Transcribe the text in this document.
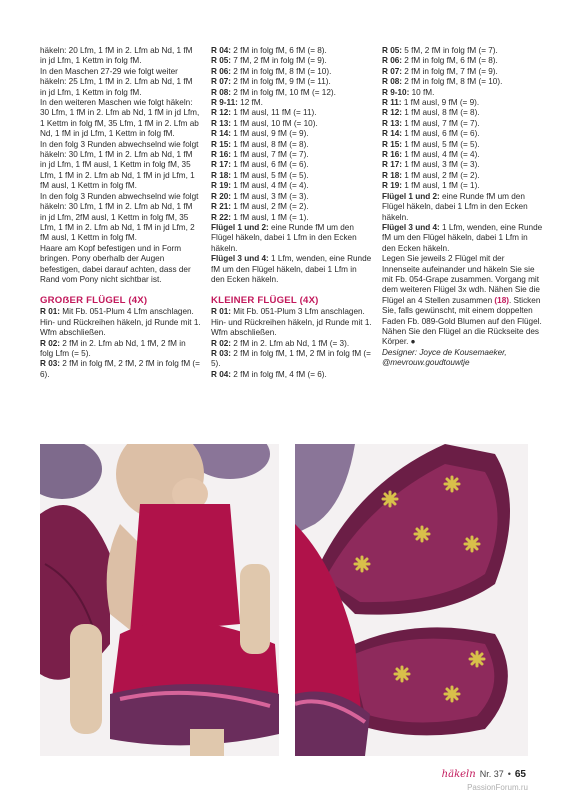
häkeln: 20 Lfm, 1 fM in 2. Lfm ab Nd, 1 fM in jd Lfm, 1 Kettm in folg fM.

In den Maschen 27-29 wie folgt weiter häkeln: 25 Lfm, 1 fM in 2. Lfm ab Nd, 1 fM in jd Lfm, 1 Kettm in folg fM.

In den weiteren Maschen wie folgt häkeln: 30 Lfm, 1 fM in 2. Lfm ab Nd, 1 fM in jd Lfm, 1 Kettm in folg fM, 35 Lfm, 1 fM in 2. Lfm ab Nd, 1 fM in jd Lfm, 1 Kettm in folg fM.

In den folg 3 Runden abwechselnd wie folgt häkeln: 30 Lfm, 1 fM in 2. Lfm ab Nd, 1 fM in jd Lfm, 1 fM ausl, 1 Kettm in folg fM, 35 Lfm, 1 fM in 2. Lfm ab Nd, 1 fM in jd Lfm, 1 fM ausl, 1 Kettm in folg fM.

In den folg 3 Runden abwechselnd wie folgt häkeln: 30 Lfm, 1 fM in 2. Lfm ab Nd, 1 fM in jd Lfm, 2fM ausl, 1 Kettm in folg fM, 35 Lfm, 1 fM in 2. Lfm ab Nd, 1 fM in jd Lfm, 2 fM ausl, 1 Kettm in folg fM.

Haare am Kopf befestigen und in Form bringen. Pony oberhalb der Augen befestigen, dabei darauf achten, dass der Rand vom Pony nicht sichtbar ist.

GROẞER FLÜGEL (4X)

R 01: Mit Fb. 051-Plum 4 Lfm anschlagen. Hin- und Rückreihen häkeln, jd Runde mit 1. Wfm abschließen.

R 02: 2 fM in 2. Lfm ab Nd, 1 fM, 2 fM in folg Lfm (= 5).

R 03: 2 fM in folg fM, 2 fM, 2 fM in folg fM (= 6).

R 04: 2 fM in folg fM, 6 fM (= 8).

R 05: 7 fM, 2 fM in folg fM (= 9).

R 06: 2 fM in folg fM, 8 fM (= 10).

R 07: 2 fM in folg fM, 9 fM (= 11).

R 08: 2 fM in folg fM, 10 fM (= 12).

R 9-11: 12 fM.

R 12: 1 fM ausl, 11 fM (= 11).

R 13: 1 fM ausl, 10 fM (= 10).

R 14: 1 fM ausl, 9 fM (= 9).

R 15: 1 fM ausl, 8 fM (= 8).

R 16: 1 fM ausl, 7 fM (= 7).

R 17: 1 fM ausl, 6 fM (= 6).

R 18: 1 fM ausl, 5 fM (= 5).

R 19: 1 fM ausl, 4 fM (= 4).

R 20: 1 fM ausl, 3 fM (= 3).

R 21: 1 fM ausl, 2 fM (= 2).

R 22: 1 fM ausl, 1 fM (= 1).

Flügel 1 und 2: eine Runde fM um den Flügel häkeln, dabei 1 Lfm in den Ecken häkeln.

Flügel 3 und 4: 1 Lfm, wenden, eine Runde fM um den Flügel häkeln, dabei 1 Lfm in den Ecken häkeln.

KLEINER FLÜGEL (4X)

R 01: Mit Fb. 051-Plum 3 Lfm anschlagen. Hin- und Rückreihen häkeln, jd Runde mit 1. Wfm abschließen.

R 02: 2 fM in 2. Lfm ab Nd, 1 fM (= 3).

R 03: 2 fM in folg fM, 1 fM, 2 fM in folg fM (= 5).

R 04: 2 fM in folg fM, 4 fM (= 6).

R 05: 5 fM, 2 fM in folg fM (= 7).

R 06: 2 fM in folg fM, 6 fM (= 8).

R 07: 2 fM in folg fM, 7 fM (= 9).

R 08: 2 fM in folg fM, 8 fM (= 10).

R 9-10: 10 fM.

R 11: 1 fM ausl, 9 fM (= 9).

R 12: 1 fM ausl, 8 fM (= 8).

R 13: 1 fM ausl, 7 fM (= 7).

R 14: 1 fM ausl, 6 fM (= 6).

R 15: 1 fM ausl, 5 fM (= 5).

R 16: 1 fM ausl, 4 fM (= 4).

R 17: 1 fM ausl, 3 fM (= 3).

R 18: 1 fM ausl, 2 fM (= 2).

R 19: 1 fM ausl, 1 fM (= 1).

Flügel 1 und 2: eine Runde fM um den Flügel häkeln, dabei 1 Lfm in den Ecken häkeln.

Flügel 3 und 4: 1 Lfm, wenden, eine Runde fM um den Flügel häkeln, dabei 1 Lfm in den Ecken häkeln.

Legen Sie jeweils 2 Flügel mit der Innenseite aufeinander und häkeln Sie sie mit Fb. 054-Grape zusammen. Vorgang mit dem weiteren Flügel 3x wdh. Nähen Sie die Flügel an 4 Stellen zusammen (18). Sticken Sie, falls gewünscht, mit einem doppelten Faden Fb. 089-Gold Blumen auf den Flügel. Nähen Sie den Flügel an die Rückseite des Körper. ●

Designer: Joyce de Kousemaeker,

@mevrouw.goudtouwtje

häkeln Nr. 37 • 65
PassionForum.ru
